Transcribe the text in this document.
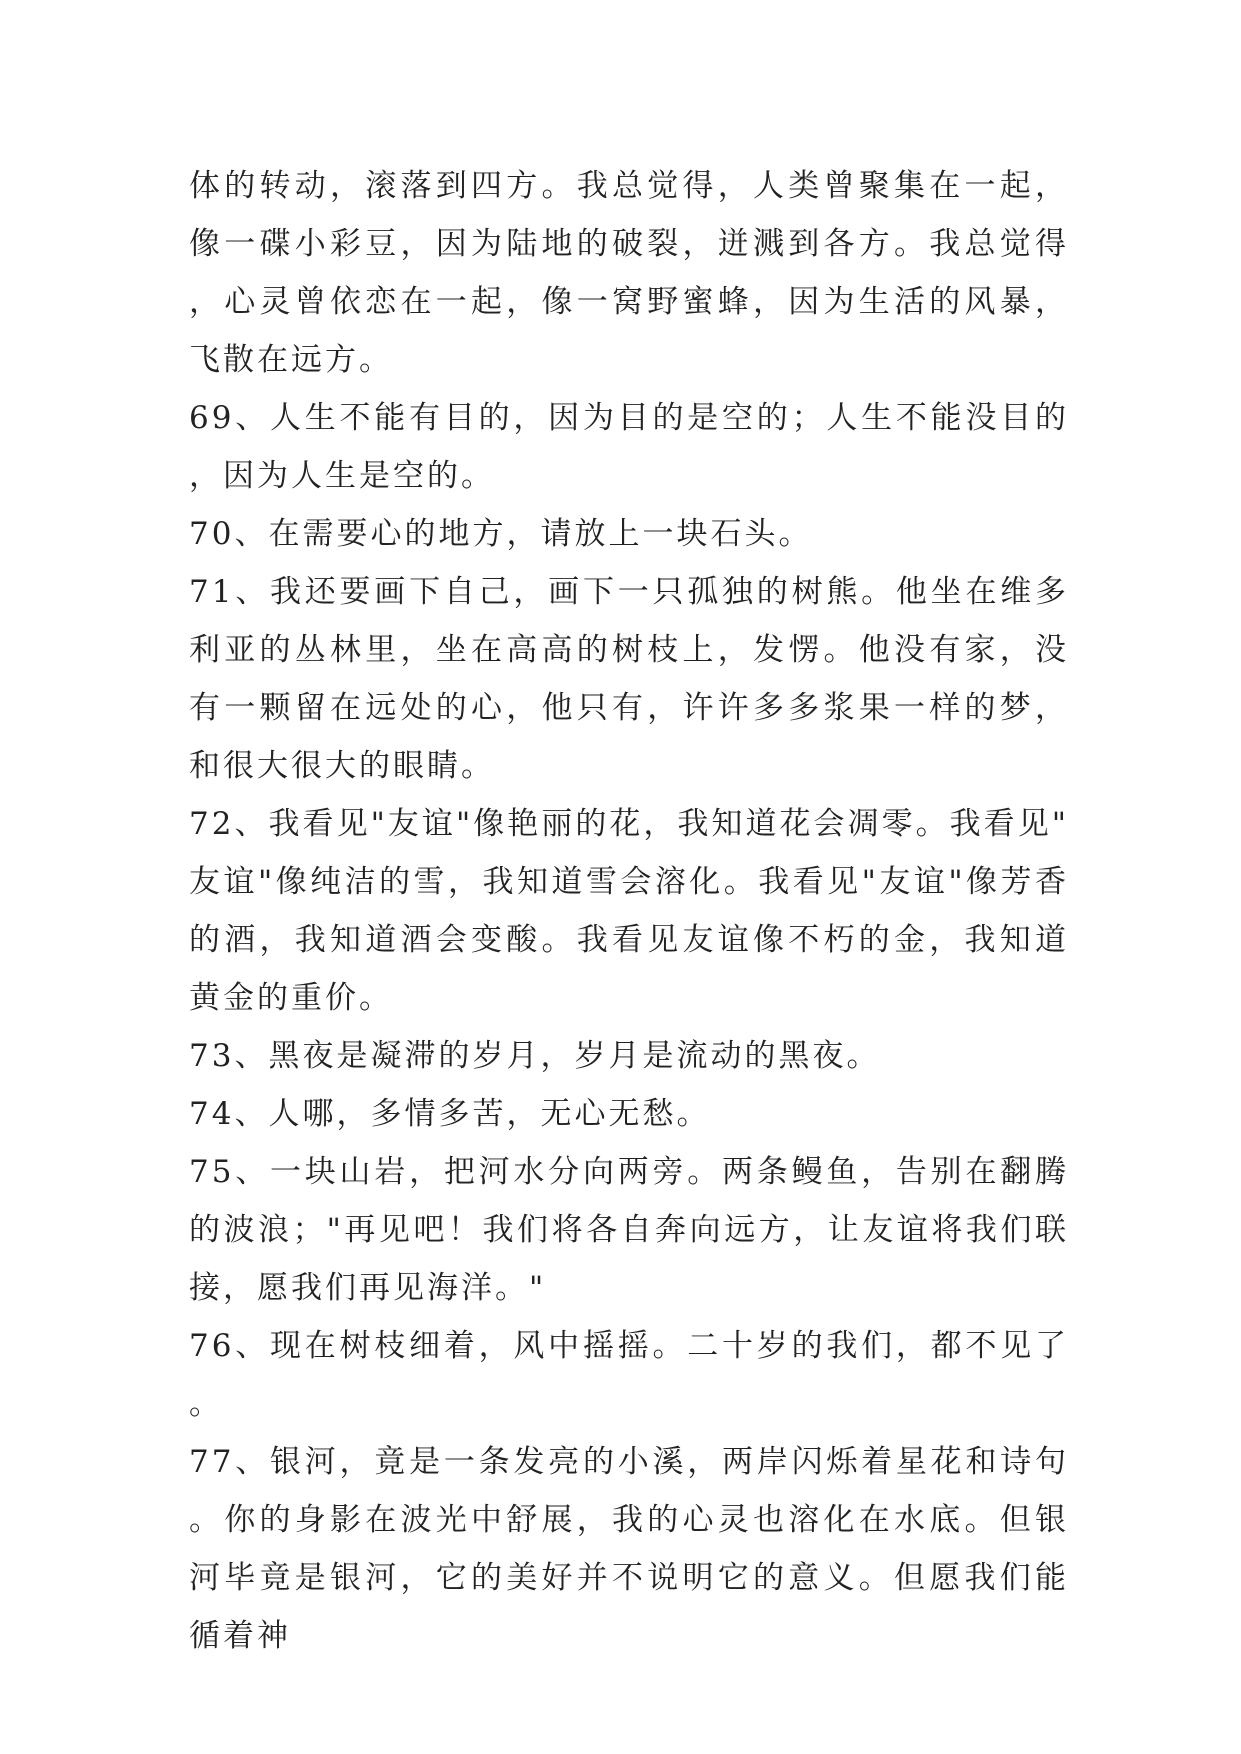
体的转动，滚落到四方。我总觉得，人类曾聚集在一起，像一碟小彩豆，因为陆地的破裂，迸溅到各方。我总觉得，心灵曾依恋在一起，像一窝野蜜蜂，因为生活的风暴，飞散在远方。

69、人生不能有目的，因为目的是空的；人生不能没目的，因为人生是空的。

70、在需要心的地方，请放上一块石头。

71、我还要画下自己，画下一只孤独的树熊。他坐在维多利亚的丛林里，坐在高高的树枝上，发愣。他没有家，没有一颗留在远处的心，他只有，许许多多浆果一样的梦，和很大很大的眼睛。

72、我看见"友谊"像艳丽的花，我知道花会凋零。我看见"友谊"像纯洁的雪，我知道雪会溶化。我看见"友谊"像芳香的酒，我知道酒会变酸。我看见友谊像不朽的金，我知道黄金的重价。

73、黑夜是凝滞的岁月，岁月是流动的黑夜。

74、人哪，多情多苦，无心无愁。

75、一块山岩，把河水分向两旁。两条鳗鱼，告别在翻腾的波浪；"再见吧！我们将各自奔向远方，让友谊将我们联接，愿我们再见海洋。"

76、现在树枝细着，风中摇摇。二十岁的我们，都不见了。

77、银河，竟是一条发亮的小溪，两岸闪烁着星花和诗句。你的身影在波光中舒展，我的心灵也溶化在水底。但银河毕竟是银河，它的美好并不说明它的意义。但愿我们能循着神
